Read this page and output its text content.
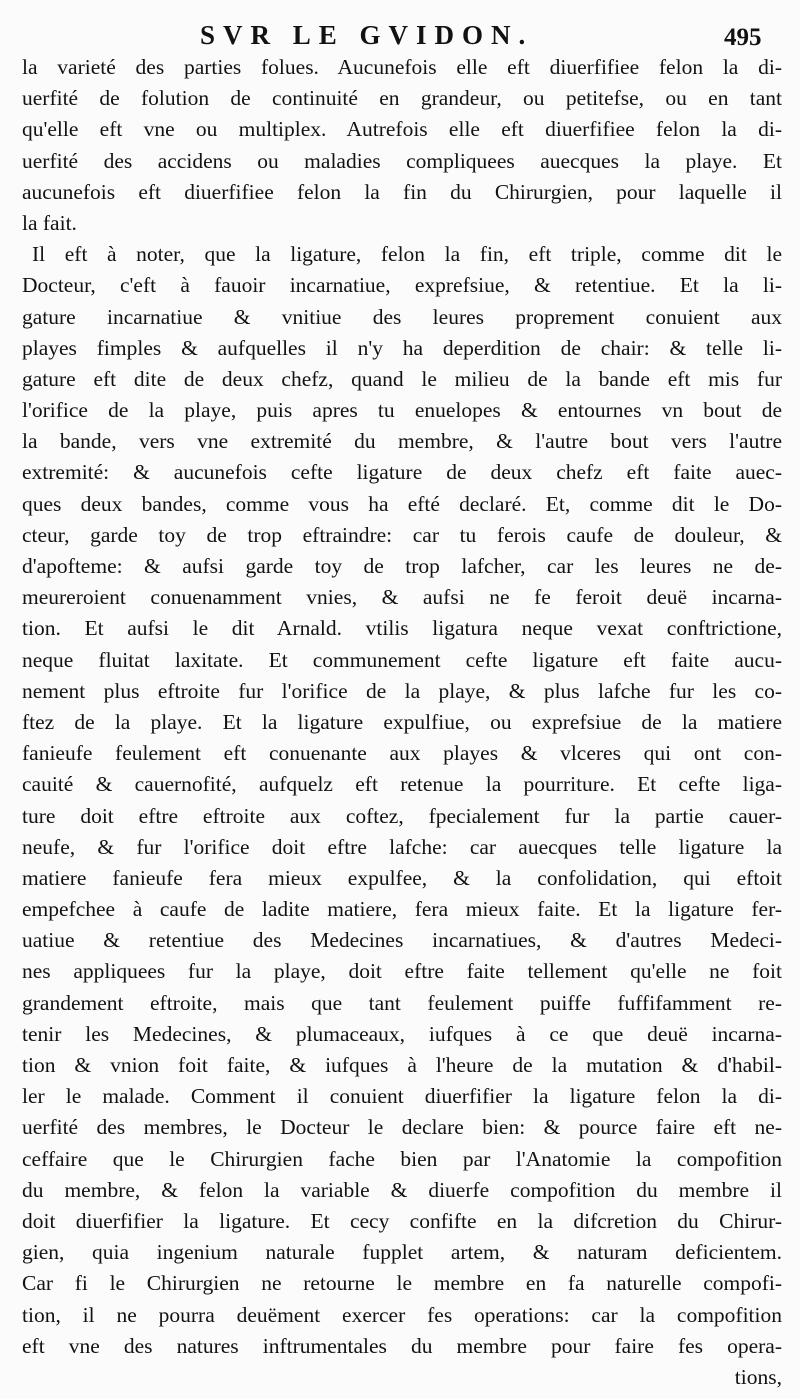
SVR LE GVIDON.	495
la varieté des parties folues. Aucunefois elle eft diuerfifiee felon la di-
uerfité de folution de continuité en grandeur, ou petitefse, ou en tant
qu'elle eft vne ou multiplex. Autrefois elle eft diuerfifiee felon la di-
uerfité des accidens ou maladies compliquees auecques la playe. Et
aucunefois eft diuerfifiee felon la fin du Chirurgien, pour laquelle il
la fait.
Il eft à noter, que la ligature, felon la fin, eft triple, comme dit le
Docteur, c'eft à fauoir incarnatiue, exprefsiue, & retentiue. Et la li-
gature incarnatiue & vnitiue des leures proprement conuient aux
playes fimples & aufquelles il n'y ha deperdition de chair: & telle li-
gature eft dite de deux chefz, quand le milieu de la bande eft mis fur
l'orifice de la playe, puis apres tu enuelopes & entournes vn bout de
la bande, vers vne extremité du membre, & l'autre bout vers l'autre
extremité: & aucunefois cefte ligature de deux chefz eft faite auec-
ques deux bandes, comme vous ha efté declaré. Et, comme dit le Do-
cteur, garde toy de trop eftraindre: car tu ferois caufe de douleur, &
d'apofteme: & aufsi garde toy de trop lafcher, car les leures ne de-
meureroient conuenamment vnies, & aufsi ne fe feroit deuë incarna-
tion. Et aufsi le dit Arnald. vtilis ligatura neque vexat conftrictione,
neque fluitat laxitate. Et communement cefte ligature eft faite aucu-
nement plus eftroite fur l'orifice de la playe, & plus lafche fur les co-
ftez de la playe. Et la ligature expulfiue, ou exprefsiue de la matiere
fanieufe feulement eft conuenante aux playes & vlceres qui ont con-
cauité & cauernofité, aufquelz eft retenue la pourriture. Et cefte liga-
ture doit eftre eftroite aux coftez, fpecialement fur la partie cauer-
neufe, & fur l'orifice doit eftre lafche: car auecques telle ligature la
matiere fanieufe fera mieux expulfee, & la confolidation, qui eftoit
empefchee à caufe de ladite matiere, fera mieux faite. Et la ligature fer-
uatiue & retentiue des Medecines incarnatiues, & d'autres Medeci-
nes appliquees fur la playe, doit eftre faite tellement qu'elle ne foit
grandement eftroite, mais que tant feulement puiffe fuffifamment re-
tenir les Medecines, & plumaceaux, iufques à ce que deuë incarna-
tion & vnion foit faite, & iufques à l'heure de la mutation & d'habil-
ler le malade. Comment il conuient diuerfifier la ligature felon la di-
uerfité des membres, le Docteur le declare bien: & pource faire eft ne-
ceffaire que le Chirurgien fache bien par l'Anatomie la compofition
du membre, & felon la variable & diuerfe compofition du membre il
doit diuerfifier la ligature. Et cecy confifte en la difcretion du Chirur-
gien, quia ingenium naturale fupplet artem, & naturam deficientem.
Car fi le Chirurgien ne retourne le membre en fa naturelle compofi-
tion, il ne pourra deuëment exercer fes operations: car la compofition
eft vne des natures inftrumentales du membre pour faire fes opera-
tions,
